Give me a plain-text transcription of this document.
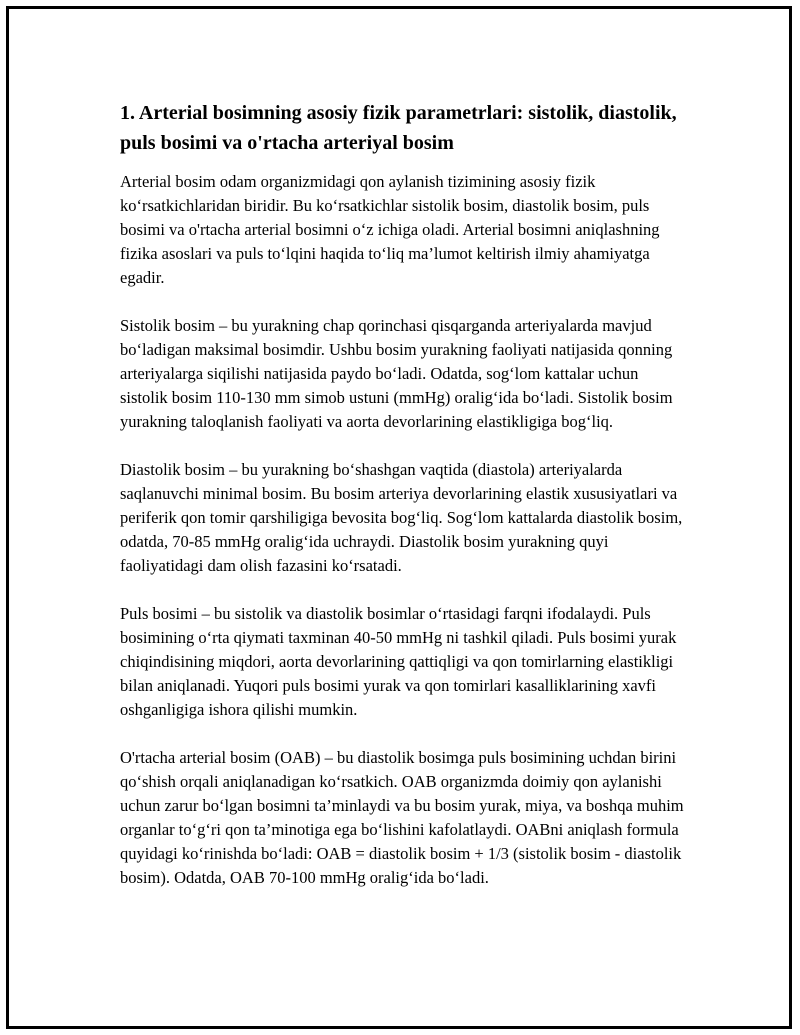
1. Arterial bosimning asosiy fizik parametrlari: sistolik, diastolik, puls bosimi va o'rtacha arteriyal bosim

Arterial bosim odam organizmidagi qon aylanish tizimining asosiy fizik ko‘rsatkichlaridan biridir. Bu ko‘rsatkichlar sistolik bosim, diastolik bosim, puls bosimi va o'rtacha arterial bosimni o‘z ichiga oladi. Arterial bosimni aniqlashning fizika asoslari va puls to‘lqini haqida to‘liq ma’lumot keltirish ilmiy ahamiyatga egadir.

Sistolik bosim – bu yurakning chap qorinchasi qisqarganda arteriyalarda mavjud bo‘ladigan maksimal bosimdir. Ushbu bosim yurakning faoliyati natijasida qonning arteriyalarga siqilishi natijasida paydo bo‘ladi. Odatda, sog‘lom kattalar uchun sistolik bosim 110-130 mm simob ustuni (mmHg) oralig‘ida bo‘ladi. Sistolik bosim yurakning taloqlanish faoliyati va aorta devorlarining elastikligiga bog‘liq.

Diastolik bosim – bu yurakning bo‘shashgan vaqtida (diastola) arteriyalarda saqlanuvchi minimal bosim. Bu bosim arteriya devorlarining elastik xususiyatlari va periferik qon tomir qarshiligiga bevosita bog‘liq. Sog‘lom kattalarda diastolik bosim, odatda, 70-85 mmHg oralig‘ida uchraydi. Diastolik bosim yurakning quyi faoliyatidagi dam olish fazasini ko‘rsatadi.

Puls bosimi – bu sistolik va diastolik bosimlar o‘rtasidagi farqni ifodalaydi. Puls bosimining o‘rta qiymati taxminan 40-50 mmHg ni tashkil qiladi. Puls bosimi yurak chiqindisining miqdori, aorta devorlarining qattiqligi va qon tomirlarning elastikligi bilan aniqlanadi. Yuqori puls bosimi yurak va qon tomirlari kasalliklarining xavfi oshganligiga ishora qilishi mumkin.

O'rtacha arterial bosim (OAB) – bu diastolik bosimga puls bosimining uchdan birini qo‘shish orqali aniqlanadigan ko‘rsatkich. OAB organizmda doimiy qon aylanishi uchun zarur bo‘lgan bosimni ta’minlaydi va bu bosim yurak, miya, va boshqa muhim organlar to‘g‘ri qon ta’minotiga ega bo‘lishini kafolatlaydi. OABni aniqlash formula quyidagi ko‘rinishda bo‘ladi: OAB = diastolik bosim + 1/3 (sistolik bosim - diastolik bosim). Odatda, OAB 70-100 mmHg oralig‘ida bo‘ladi.
